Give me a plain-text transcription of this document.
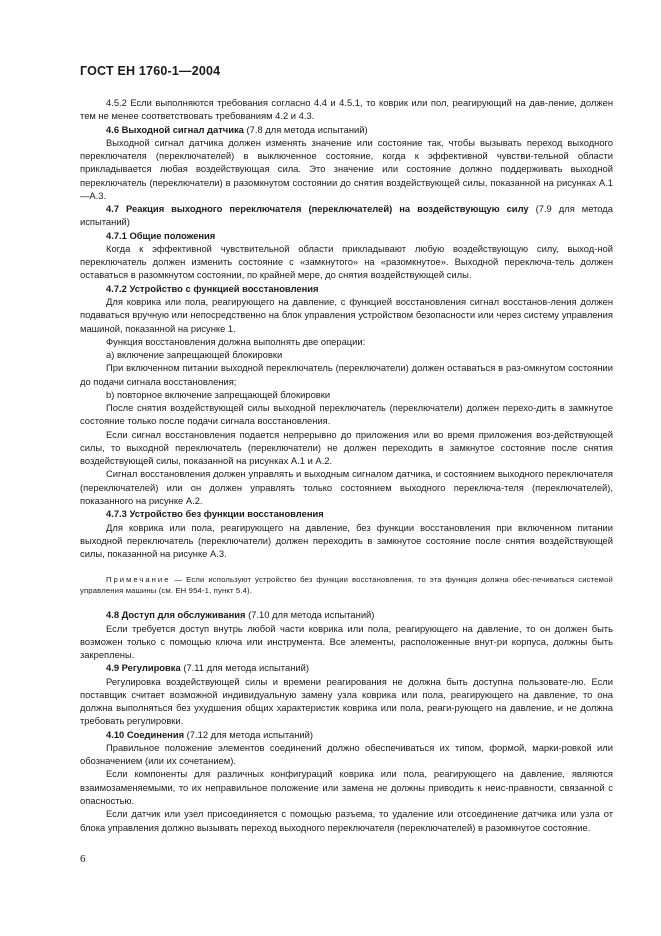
ГОСТ ЕН 1760-1—2004

4.5.2 Если выполняются требования согласно 4.4 и 4.5.1, то коврик или пол, реагирующий на дав-ление, должен тем не менее соответствовать требованиям 4.2 и 4.3.

4.6 Выходной сигнал датчика (7.8 для метода испытаний)

Выходной сигнал датчика должен изменять значение или состояние так, чтобы вызывать переход выходного переключателя (переключателей) в выключенное состояние, когда к эффективной чувстви-тельной области прикладывается любая воздействующая сила. Это значение или состояние должно поддерживать выходной переключатель (переключатели) в разомкнутом состоянии до снятия воздействующей силы, показанной на рисунках А.1—А.3.

4.7 Реакция выходного переключателя (переключателей) на воздействующую силу (7.9 для метода испытаний)

4.7.1 Общие положения

Когда к эффективной чувствительной области прикладывают любую воздействующую силу, выход-ной переключатель должен изменить состояние с «замкнутого» на «разомкнутое». Выходной переключа-тель должен оставаться в разомкнутом состоянии, по крайней мере, до снятия воздействующей силы.

4.7.2 Устройство с функцией восстановления

Для коврика или пола, реагирующего на давление, с функцией восстановления сигнал восстанов-ления должен подаваться вручную или непосредственно на блок управления устройством безопасности или через систему управления машиной, показанной на рисунке 1.

Функция восстановления должна выполнять две операции:

a) включение запрещающей блокировки

При включенном питании выходной переключатель (переключатели) должен оставаться в раз-омкнутом состоянии до подачи сигнала восстановления;

b) повторное включение запрещающей блокировки

После снятия воздействующей силы выходной переключатель (переключатели) должен перехо-дить в замкнутое состояние только после подачи сигнала восстановления.

Если сигнал восстановления подается непрерывно до приложения или во время приложения воз-действующей силы, то выходной переключатель (переключатели) не должен переходить в замкнутое состояние после снятия воздействующей силы, показанной на рисунках А.1 и А.2.

Сигнал восстановления должен управлять и выходным сигналом датчика, и состоянием выходного переключателя (переключателей) или он должен управлять только состоянием выходного переключа-теля (переключателей), показанного на рисунке А.2.

4.7.3 Устройство без функции восстановления

Для коврика или пола, реагирующего на давление, без функции восстановления при включенном питании выходной переключатель (переключатели) должен переходить в замкнутое состояние после снятия воздействующей силы, показанной на рисунке А.3.

Примечание — Если используют устройство без функции восстановления, то эта функция должна обес-печиваться системой управления машины (см. ЕН 954-1, пункт 5.4).

4.8 Доступ для обслуживания (7.10 для метода испытаний)

Если требуется доступ внутрь любой части коврика или пола, реагирующего на давление, то он должен быть возможен только с помощью ключа или инструмента. Все элементы, расположенные внут-ри корпуса, должны быть закреплены.

4.9 Регулировка (7.11 для метода испытаний)

Регулировка воздействующей силы и времени реагирования не должна быть доступна пользовате-лю. Если поставщик считает возможной индивидуальную замену узла коврика или пола, реагирующего на давление, то она должна выполняться без ухудшения общих характеристик коврика или пола, реаги-рующего на давление, и не должна требовать регулировки.

4.10 Соединения (7.12 для метода испытаний)

Правильное положение элементов соединений должно обеспечиваться их типом, формой, марки-ровкой или обозначением (или их сочетанием).

Если компоненты для различных конфигураций коврика или пола, реагирующего на давление, являются взаимозаменяемыми, то их неправильное положение или замена не должны приводить к неис-правности, связанной с опасностью.

Если датчик или узел присоединяется с помощью разъема, то удаление или отсоединение датчика или узла от блока управления должно вызывать переход выходного переключателя (переключателей) в разомкнутое состояние.

6
